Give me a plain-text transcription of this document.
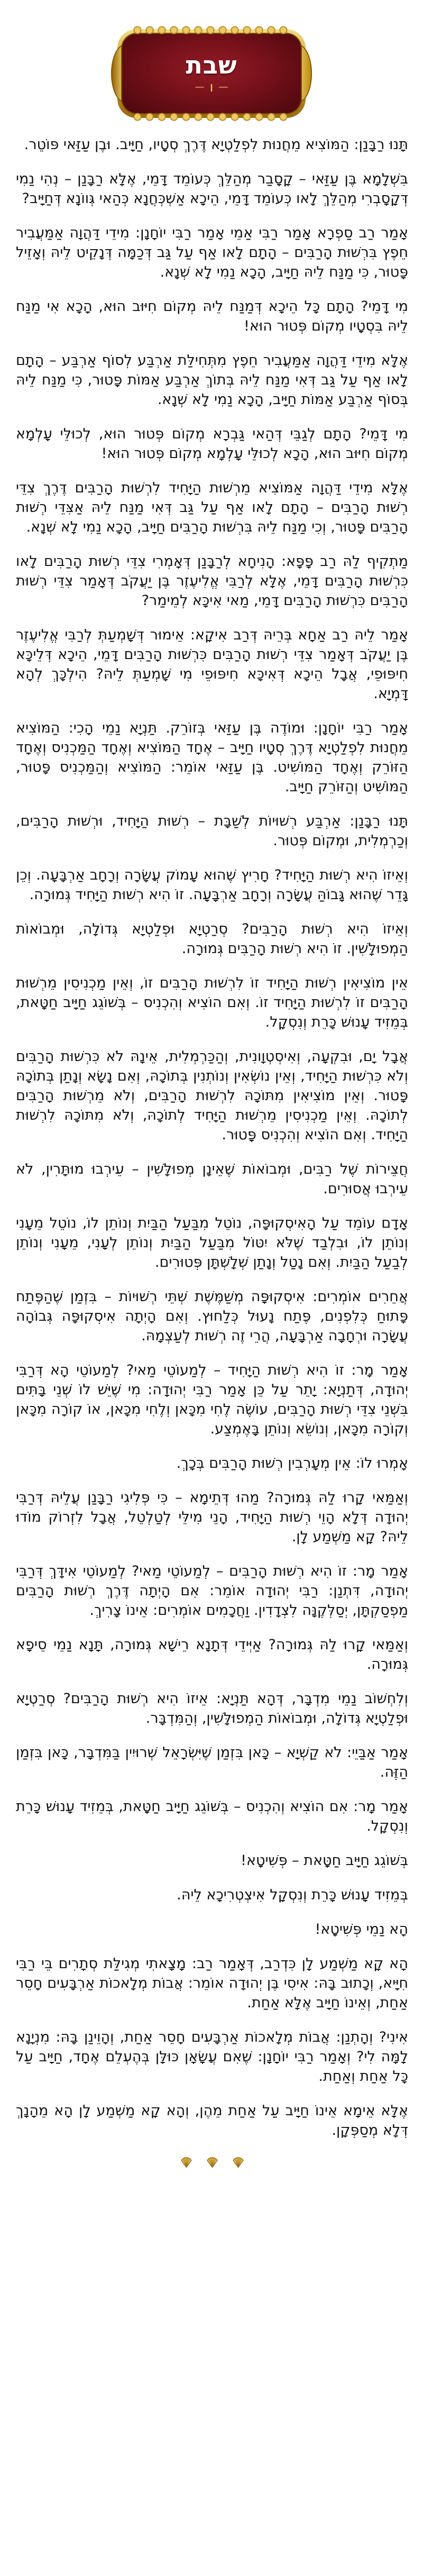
שבת
—
ו
—

תָּנוּ רַבָּנַן: הַמּוֹצִיא מֵחֲנוּת לִפְלַטְיָא דֶּרֶךְ סְטָיו, חַיָּיב. וּבֶן עַזַּאי פּוֹטֵר.

בִּשְׁלָמָא בֶּן עַזַּאי – קָסָבַר מְהַלֵּךְ כְּעוֹמֵד דָּמֵי, אֶלָּא רַבָּנַן – נְהִי נַמִי דְּקָסָבְרִי מְהַלֵּךְ לָאו כְּעוֹמֵד דָּמֵי, הֵיכָא אַשְׁכְּחֲנָא כְּהַאי גְּווֹנָא דְּחַיָּיב?

אָמַר רַב סַפְרָא אָמַר רַבִּי אַמֵי אָמַר רַבִּי יוֹחָנָן: מִידֵי דַּהֲוָה אַמַּעֲבִיר חֵפֶץ בִּרְשׁוּת הָרַבִּים – הָתָם לָאו אַף עַל גַּב דְּכַמָּה דְּנָקֵיט לֵיהּ וְאָזֵיל פָּטוּר, כִּי מַנַּח לֵיהּ חַיָּיב, הָכָא נַמִי לָא שְׁנָא.

מִי דָּמֵי? הָתָם כָּל הֵיכָא דְּמַנַּח לֵיהּ מְקוֹם חִיּוּב הוּא, הָכָא אִי מַנַּח לֵיהּ בִּסְטָיו מְקוֹם פְּטוּר הוּא!

אֶלָּא מִידֵי דַּהֲוָה אַמַּעֲבִיר חֵפֶץ מִתְּחִילַּת אַרְבַּע לְסוֹף אַרְבַּע – הָתָם לָאו אַף עַל גַּב דְּאִי מַנַּח לֵיהּ בְּתוֹךְ אַרְבַּע אַמּוֹת פָּטוּר, כִּי מַנַּח לֵיהּ בְּסוֹף אַרְבַּע אַמּוֹת חַיָּיב, הָכָא נַמִי לָא שְׁנָא.

מִי דָּמֵי? הָתָם לְגַבֵּי דְּהַאי גַּבְרָא מְקוֹם פְּטוּר הוּא, לְכוּלֵּי עָלְמָא מְקוֹם חִיּוּב הוּא, הָכָא לְכוּלֵּי עָלְמָא מְקוֹם פְּטוּר הוּא!

אֶלָּא מִידֵי דַּהֲוָה אַמּוֹצִיא מֵרְשׁוּת הַיָּחִיד לִרְשׁוּת הָרַבִּים דֶּרֶךְ צִדֵּי רְשׁוּת הָרַבִּים – הָתָם לָאו אַף עַל גַּב דְּאִי מַנַּח לֵיהּ אַצִּדֵּי רְשׁוּת הָרַבִּים פָּטוּר, וְכִי מַנַּח לֵיהּ בִּרְשׁוּת הָרַבִּים חַיָּיב, הָכָא נַמִי לָא שְׁנָא.

מַתְקִיף לַהּ רַב פָּפָּא: הָנִיחָא לְרַבָּנַן דְּאָמְרִי צִדֵּי רְשׁוּת הָרַבִּים לָאו כִּרְשׁוּת הָרַבִּים דָּמֵי, אֶלָּא לְרַבִּי אֱלִיעֶזֶר בֶּן יַעֲקֹב דְּאָמַר צִדֵּי רְשׁוּת הָרַבִּים כִּרְשׁוּת הָרַבִּים דָּמֵי, מַאי אִיכָּא לְמֵימַר?

אָמַר לֵיהּ רַב אַחָא בְּרֵיהּ דְּרַב אִיקָא: אֵימוּר דְּשָׁמְעַתְּ לְרַבִּי אֱלִיעֶזֶר בֶּן יַעֲקֹב דְּאָמַר צִדֵּי רְשׁוּת הָרַבִּים כִּרְשׁוּת הָרַבִּים דָּמֵי, הֵיכָא דְּלֵיכָּא חִיפּוּפֵי, אֲבָל הֵיכָא דְּאִיכָּא חִיפּוּפֵי מִי שָׁמְעַתְּ לֵיהּ? הִילְכָּךְ לְהָא דָּמְיָא.

אָמַר רַבִּי יוֹחָנָן: וּמוֹדֶה בֶּן עַזַּאי בְּזוֹרֵק. תַּנְיָא נַמֵי הָכִי: הַמּוֹצִיא מֵחֲנוּת לִפְלַטְיָא דֶּרֶךְ סְטָיו חַיָּיב – אֶחָד הַמּוֹצִיא וְאֶחָד הַמַּכְנִיס וְאֶחָד הַזּוֹרֵק וְאֶחָד הַמּוֹשִׁיט. בֶּן עַזַּאי אוֹמֵר: הַמּוֹצִיא וְהַמַּכְנִיס פָּטוּר, הַמּוֹשִׁיט וְהַזּוֹרֵק חַיָּיב.

תָּנוּ רַבָּנַן: אַרְבַּע רְשׁוּיוֹת לְשַׁבָּת – רְשׁוּת הַיָּחִיד, וּרְשׁוּת הָרַבִּים, וְכַרְמְלִית, וּמְקוֹם פְּטוּר.

וְאֵיזוֹ הִיא רְשׁוּת הַיָּחִיד? חָרִיץ שֶׁהוּא עָמוֹק עֲשָׂרָה וְרָחָב אַרְבָּעָה. וְכֵן גָּדֵר שֶׁהוּא גָּבוֹהַּ עֲשָׂרָה וְרָחָב אַרְבָּעָה. זוֹ הִיא רְשׁוּת הַיָּחִיד גְּמוּרָה.

וְאֵיזוֹ הִיא רְשׁוּת הָרַבִּים? סְרַטְיָא וּפְלַטְיָא גְּדוֹלָה, וּמְבוֹאוֹת הַמְפוּלָּשִׁין. זוֹ הִיא רְשׁוּת הָרַבִּים גְּמוּרָה.

אֵין מוֹצִיאִין רְשׁוּת הַיָּחִיד זוֹ לִרְשׁוּת הָרַבִּים זוֹ, וְאֵין מַכְנִיסִין מֵרְשׁוּת הָרַבִּים זוֹ לִרְשׁוּת הַיָּחִיד זוֹ. וְאִם הוֹצִיא וְהִכְנִיס – בְּשׁוֹגֵג חַיָּיב חַטָּאת, בְּמֵזִיד עָנוּשׁ כָּרֵת וְנִסְקָל.

אֲבָל יָם, וּבִקְעָה, וְאִיסְטְוָונִית, וְהַכַּרְמְלִית, אֵינָהּ לֹא כִּרְשׁוּת הָרַבִּים וְלֹא כִּרְשׁוּת הַיָּחִיד, וְאֵין נוֹשְׂאִין וְנוֹתְנִין בְּתוֹכָהּ, וְאִם נָשָׂא וְנָתַן בְּתוֹכָהּ פָּטוּר. וְאֵין מוֹצִיאִין מִתּוֹכָהּ לִרְשׁוּת הָרַבִּים, וְלֹא מֵרְשׁוּת הָרַבִּים לְתוֹכָהּ. וְאֵין מַכְנִיסִין מֵרְשׁוּת הַיָּחִיד לְתוֹכָהּ, וְלֹא מִתּוֹכָהּ לִרְשׁוּת הַיָּחִיד. וְאִם הוֹצִיא וְהִכְנִיס פָּטוּר.

חֲצֵירוֹת שֶׁל רַבִּים, וּמְבוֹאוֹת שֶׁאֵינָן מְפוּלָּשִׁין – עֵירְבוּ מוּתָּרִין, לֹא עֵירְבוּ אֲסוּרִים.

אָדָם עוֹמֵד עַל הָאִיסְקוּפָּה, נוֹטֵל מִבַּעַל הַבַּיִת וְנוֹתֵן לוֹ, נוֹטֵל מֵעָנִי וְנוֹתֵן לוֹ, וּבִלְבַד שֶׁלֹּא יִטּוֹל מִבַּעַל הַבַּיִת וְנוֹתֵן לְעָנִי, מֵעָנִי וְנוֹתֵן לְבַעַל הַבַּיִת. וְאִם נָטַל וְנָתַן שְׁלָשְׁתָּן פְּטוּרִים.

אֲחֵרִים אוֹמְרִים: אִיסְקוּפָּה מְשַׁמֶּשֶׁת שְׁתֵּי רְשׁוּיוֹת – בִּזְמַן שֶׁהַפֶּתַח פָּתוּחַ כְּלִפְנִים, פֶּתַח נָעוּל כְּלַחוּץ. וְאִם הָיְתָה אִיסְקוּפָּה גְּבוֹהָה עֲשָׂרָה וּרְחָבָה אַרְבָּעָה, הֲרֵי זֶה רְשׁוּת לְעַצְמָהּ.

אָמַר מָר: זוֹ הִיא רְשׁוּת הַיָּחִיד – לְמַעוֹטֵי מַאי? לְמַעוֹטֵי הָא דְּרַבִּי יְהוּדָה, דְּתַנְיָא: יָתֵר עַל כֵּן אָמַר רַבִּי יְהוּדָה: מִי שֶׁיֵּשׁ לוֹ שְׁנֵי בָּתִּים בִּשְׁנֵי צִדֵּי רְשׁוּת הָרַבִּים, עוֹשֶׂה לֶחִי מִכָּאן וְלֶחִי מִכָּאן, אוֹ קוֹרָה מִכָּאן וְקוֹרָה מִכָּאן, וְנוֹשֵׂא וְנוֹתֵן בָּאֶמְצַע.

אָמְרוּ לוֹ: אֵין מְעָרְבִין רְשׁוּת הָרַבִּים בְּכָךְ.

וְאַמַּאי קָרוּ לַהּ גְּמוּרָה? מַהוּ דְּתֵימָא – כִּי פְּלִיגִי רַבָּנַן עֲלֵיהּ דְּרַבִּי יְהוּדָה דְּלָא הָוֵי רְשׁוּת הַיָּחִיד, הָנֵי מִילֵּי לְטַלְטֵל, אֲבָל לִזְרוֹק מוֹדוּ לֵיהּ? קָא מַשְׁמַע לָן.

אָמַר מָר: זוֹ הִיא רְשׁוּת הָרַבִּים – לְמַעוֹטֵי מַאי? לְמַעוֹטֵי אִידָּךְ דְּרַבִּי יְהוּדָה, דִּתְנַן: רַבִּי יְהוּדָה אוֹמֵר: אִם הָיְתָה דֶּרֶךְ רְשׁוּת הָרַבִּים מַפְסַקְתָּן, יְסַלְּקֶנָּה לִצְדָדִין. וַחֲכָמִים אוֹמְרִים: אֵינוֹ צָרִיךְ.

וְאַמַּאי קָרוּ לַהּ גְּמוּרָה? אַיְּידֵי דְּתָנָא רֵישָׁא גְּמוּרָה, תָּנָא נַמֵי סֵיפָא גְּמוּרָה.

וְלִחְשׁוֹב נַמֵי מִדְבָּר, דְּהָא תַּנְיָא: אֵיזוֹ הִיא רְשׁוּת הָרַבִּים? סְרַטְיָא וּפְלַטְיָא גְּדוֹלָה, וּמְבוֹאוֹת הַמְפוּלָּשִׁין, וְהַמִּדְבָּר.

אָמַר אַבַּיֵי: לֹא קַשְׁיָא – כָּאן בִּזְמַן שֶׁיִּשְׂרָאֵל שְׁרוּיִין בַּמִּדְבָּר, כָּאן בִּזְמַן הַזֶּה.

אָמַר מָר: אִם הוֹצִיא וְהִכְנִיס – בְּשׁוֹגֵג חַיָּיב חַטָּאת, בְּמֵזִיד עָנוּשׁ כָּרֵת וְנִסְקָל.

בְּשׁוֹגֵג חַיָּיב חַטָּאת – פְּשִׁיטָא!

בְּמֵזִיד עָנוּשׁ כָּרֵת וְנִסְקָל אִיצְטְרִיכָא לֵיהּ.

הָא נַמֵי פְּשִׁיטָא!

הָא קָא מַשְׁמַע לָן כִּדְרַב, דְּאָמַר רַב: מָצָאתִי מְגִילַּת סְתָרִים בֵּי רַבִּי חִיָּיא, וְכָתוּב בָּהּ: אִיסִי בֶּן יְהוּדָה אוֹמֵר: אֲבוֹת מְלָאכוֹת אַרְבָּעִים חָסֵר אַחַת, וְאֵינוֹ חַיָּיב אֶלָּא אַחַת.

אִינִי? וְהָתְנַן: אֲבוֹת מְלָאכוֹת אַרְבָּעִים חָסֵר אַחַת, וְהָוֵינַן בָּהּ: מִנְיָנָא לָמָּה לִי? וְאָמַר רַבִּי יוֹחָנָן: שֶׁאִם עֲשָׂאָן כּוּלָּן בְּהֶעְלֵם אֶחָד, חַיָּיב עַל כָּל אַחַת וְאַחַת.

אֶלָּא אֵימָא אֵינוֹ חַיָּיב עַל אַחַת מֵהֶן, וְהָא קָא מַשְׁמַע לָן הָא מֵהָנָךְ דְּלָא מְסַפְּקָן.
